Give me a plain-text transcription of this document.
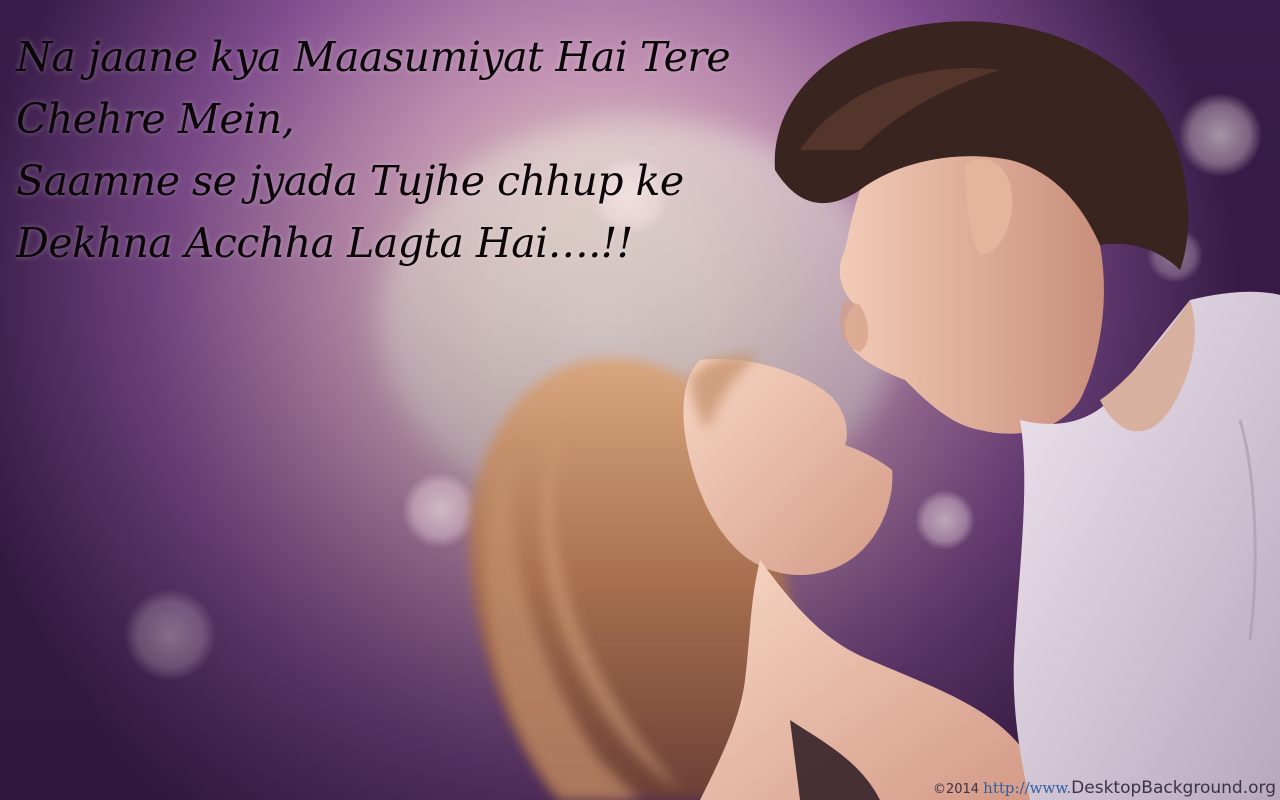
Na jaane kya Maasumiyat Hai Tere
Chehre Mein,
Saamne se jyada Tujhe chhup ke
Dekhna Acchha Lagta Hai….!!

©2014 http://www.DesktopBackground.org
